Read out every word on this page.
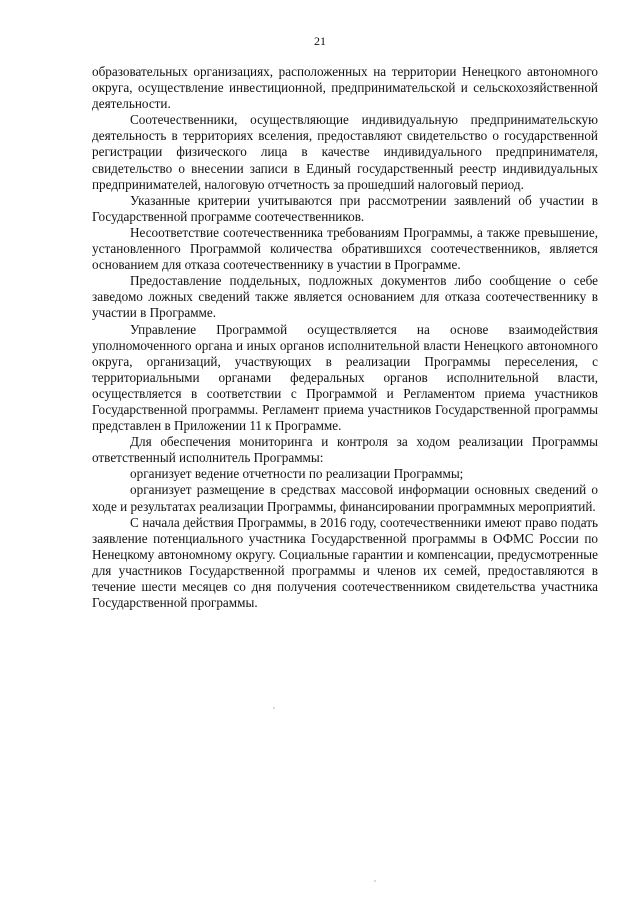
21

образовательных организациях, расположенных на территории Ненецкого автономного округа, осуществление инвестиционной, предпринимательской и сельскохозяйственной деятельности.

Соотечественники, осуществляющие индивидуальную предпринимательскую деятельность в территориях вселения, предоставляют свидетельство о государственной регистрации физического лица в качестве индивидуального предпринимателя, свидетельство о внесении записи в Единый государственный реестр индивидуальных предпринимателей, налоговую отчетность за прошедший налоговый период.

Указанные критерии учитываются при рассмотрении заявлений об участии в Государственной программе соотечественников.

Несоответствие соотечественника требованиям Программы, а также превышение, установленного Программой количества обратившихся соотечественников, является основанием для отказа соотечественнику в участии в Программе.

Предоставление поддельных, подложных документов либо сообщение о себе заведомо ложных сведений также является основанием для отказа соотечественнику в участии в Программе.

Управление Программой осуществляется на основе взаимодействия уполномоченного органа и иных органов исполнительной власти Ненецкого автономного округа, организаций, участвующих в реализации Программы переселения, с территориальными органами федеральных органов исполнительной власти, осуществляется в соответствии с Программой и Регламентом приема участников Государственной программы. Регламент приема участников Государственной программы представлен в Приложении 11 к Программе.

Для обеспечения мониторинга и контроля за ходом реализации Программы ответственный исполнитель Программы:

организует ведение отчетности по реализации Программы;

организует размещение в средствах массовой информации основных сведений о ходе и результатах реализации Программы, финансировании программных мероприятий.

С начала действия Программы, в 2016 году, соотечественники имеют право подать заявление потенциального участника Государственной программы в ОФМС России по Ненецкому автономному округу. Социальные гарантии и компенсации, предусмотренные для участников Государственной программы и членов их семей, предоставляются в течение шести месяцев со дня получения соотечественником свидетельства участника Государственной программы.
